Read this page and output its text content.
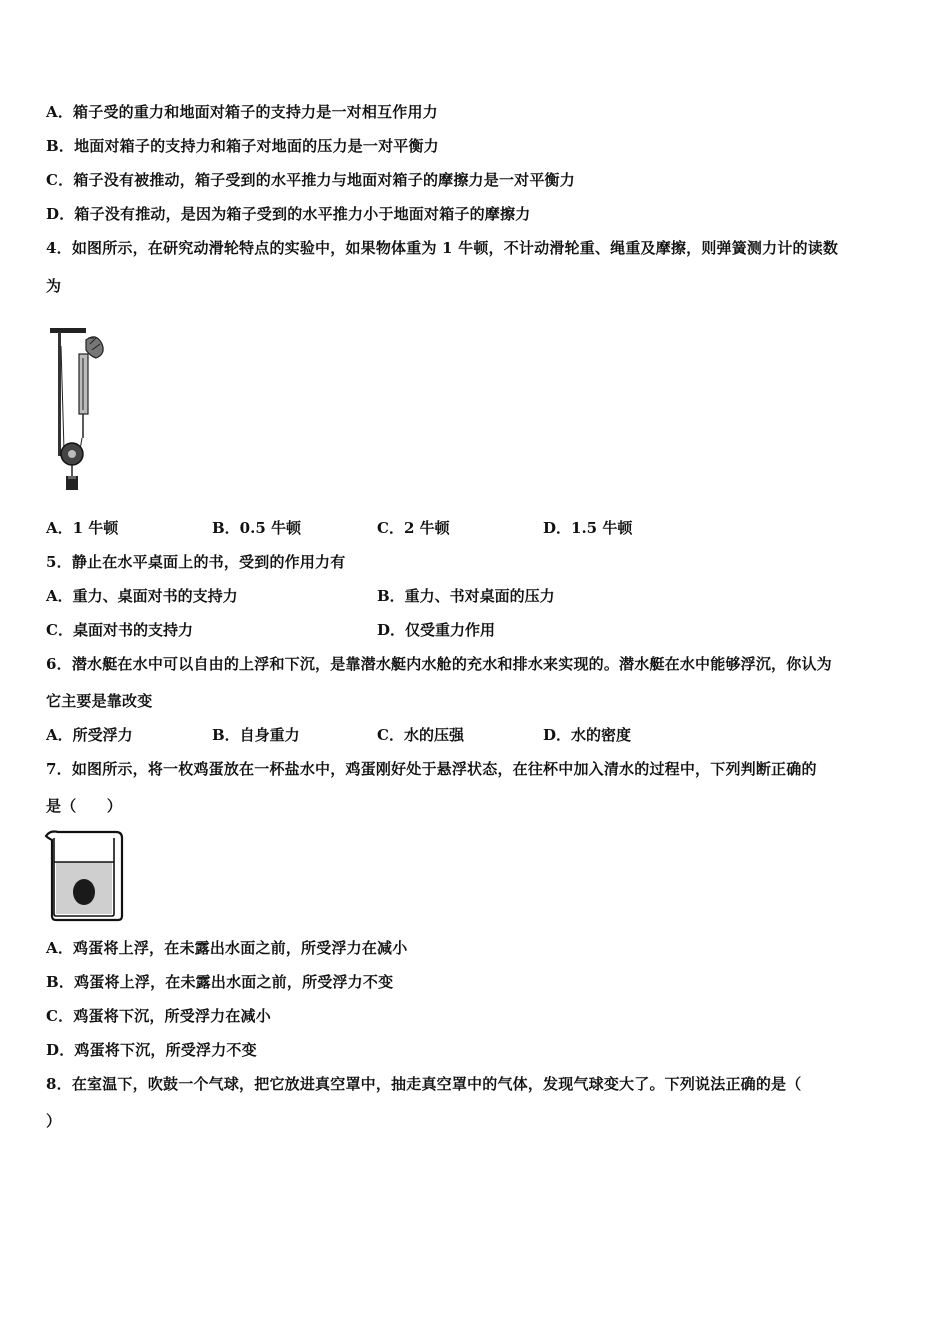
A．箱子受的重力和地面对箱子的支持力是一对相互作用力
B．地面对箱子的支持力和箱子对地面的压力是一对平衡力
C．箱子没有被推动，箱子受到的水平推力与地面对箱子的摩擦力是一对平衡力
D．箱子没有推动，是因为箱子受到的水平推力小于地面对箱子的摩擦力
4．如图所示，在研究动滑轮特点的实验中，如果物体重为 1 牛顿，不计动滑轮重、绳重及摩擦，则弹簧测力计的读数
为
A．1 牛顿	B．0.5 牛顿	C．2 牛顿	D．1.5 牛顿
5．静止在水平桌面上的书，受到的作用力有
A．重力、桌面对书的支持力	B．重力、书对桌面的压力
C．桌面对书的支持力	D．仅受重力作用
6．潜水艇在水中可以自由的上浮和下沉，是靠潜水艇内水舱的充水和排水来实现的。潜水艇在水中能够浮沉，你认为
它主要是靠改变
A．所受浮力	B．自身重力	C．水的压强	D．水的密度
7．如图所示，将一枚鸡蛋放在一杯盐水中，鸡蛋刚好处于悬浮状态，在往杯中加入清水的过程中，下列判断正确的
是（　　）
A．鸡蛋将上浮，在未露出水面之前，所受浮力在减小
B．鸡蛋将上浮，在未露出水面之前，所受浮力不变
C．鸡蛋将下沉，所受浮力在减小
D．鸡蛋将下沉，所受浮力不变
8．在室温下，吹鼓一个气球，把它放进真空罩中，抽走真空罩中的气体，发现气球变大了。下列说法正确的是（
）
